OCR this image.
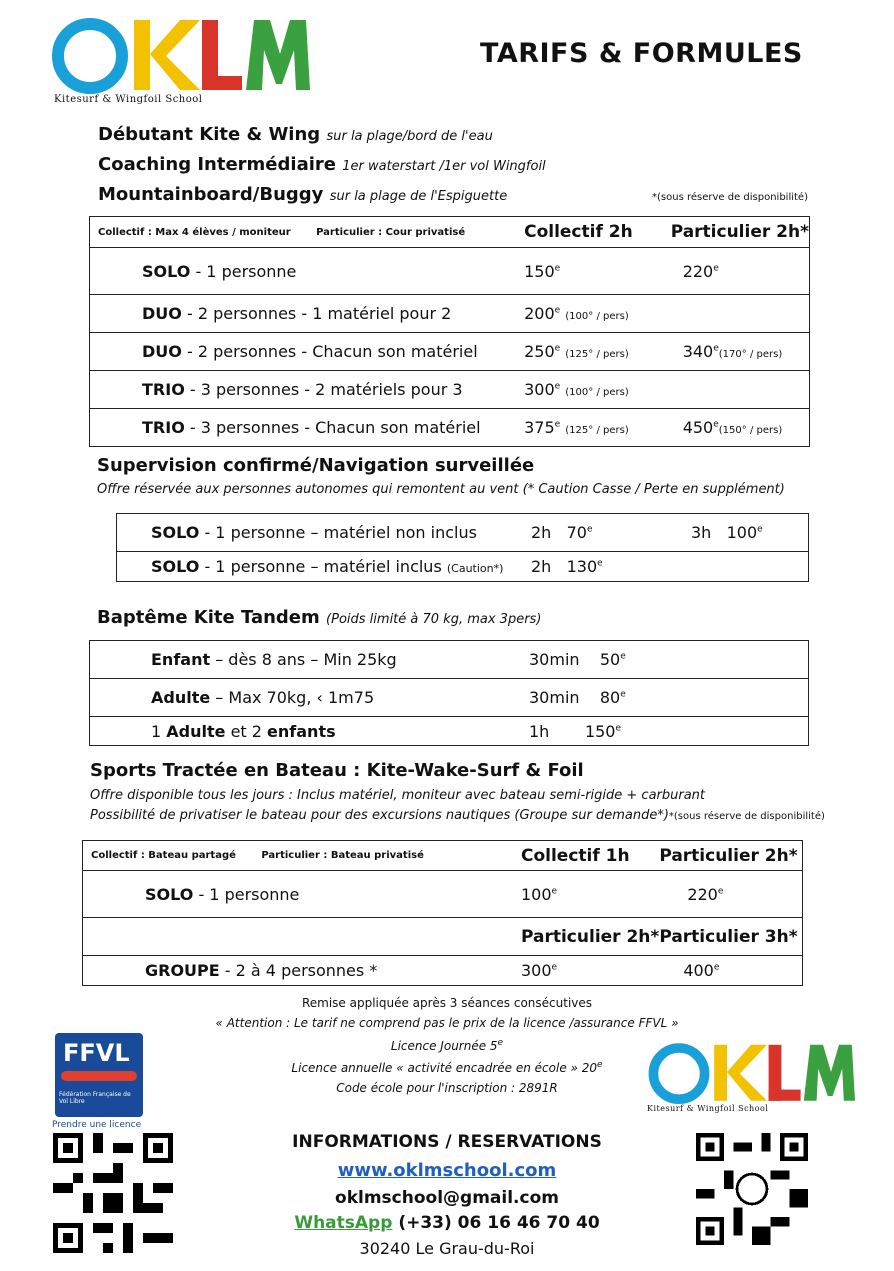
Kitesurf & Wingfoil School
TARIFS & FORMULES
Débutant Kite & Wing sur la plage/bord de l'eau
Coaching Intermédiaire 1er waterstart /1er vol Wingfoil
Mountainboard/Buggy sur la plage de l'Espiguette	*(sous réserve de disponibilité)
Collectif : Max 4 élèves / moniteur Particulier : Cour privatisé	Collectif 2h	Particulier 2h*
SOLO - 1 personne	150e	220e
DUO - 2 personnes - 1 matériel pour 2	200e (100° / pers)	
DUO - 2 personnes - Chacun son matériel	250e (125° / pers)	340e(170° / pers)
TRIO - 3 personnes - 2 matériels pour 3	300e (100° / pers)	
TRIO - 3 personnes - Chacun son matériel	375e (125° / pers)	450e(150° / pers)
Supervision confirmé/Navigation surveillée
Offre réservée aux personnes autonomes qui remontent au vent (* Caution Casse / Perte en supplément)
SOLO - 1 personne – matériel non inclus	2h 70e	3h 100e
SOLO - 1 personne – matériel inclus (Caution*)	2h 130e	
Baptême Kite Tandem (Poids limité à 70 kg, max 3pers)
Enfant – dès 8 ans – Min 25kg	30min 50e
Adulte – Max 70kg, ‹ 1m75	30min 80e
1 Adulte et 2 enfants	1h 150e
Sports Tractée en Bateau : Kite-Wake-Surf & Foil
Offre disponible tous les jours : Inclus matériel, moniteur avec bateau semi-rigide + carburant
Possibilité de privatiser le bateau pour des excursions nautiques (Groupe sur demande*)*(sous réserve de disponibilité)
Collectif : Bateau partagé Particulier : Bateau privatisé	Collectif 1h	Particulier 2h*
SOLO - 1 personne	100e	220e
	Particulier 2h*	Particulier 3h*
GROUPE - 2 à 4 personnes *	300e	400e
Remise appliquée après 3 séances consécutives
« Attention : Le tarif ne comprend pas le prix de la licence /assurance FFVL »
Licence Journée 5e
Licence annuelle « activité encadrée en école » 20e
Code école pour l'inscription : 2891R
FFVL
Fédération Française de Vol Libre
Prendre une licence
Kitesurf & Wingfoil School
INFORMATIONS / RESERVATIONS
www.oklmschool.com
oklmschool@gmail.com
WhatsApp (+33) 06 16 46 70 40
30240 Le Grau-du-Roi
